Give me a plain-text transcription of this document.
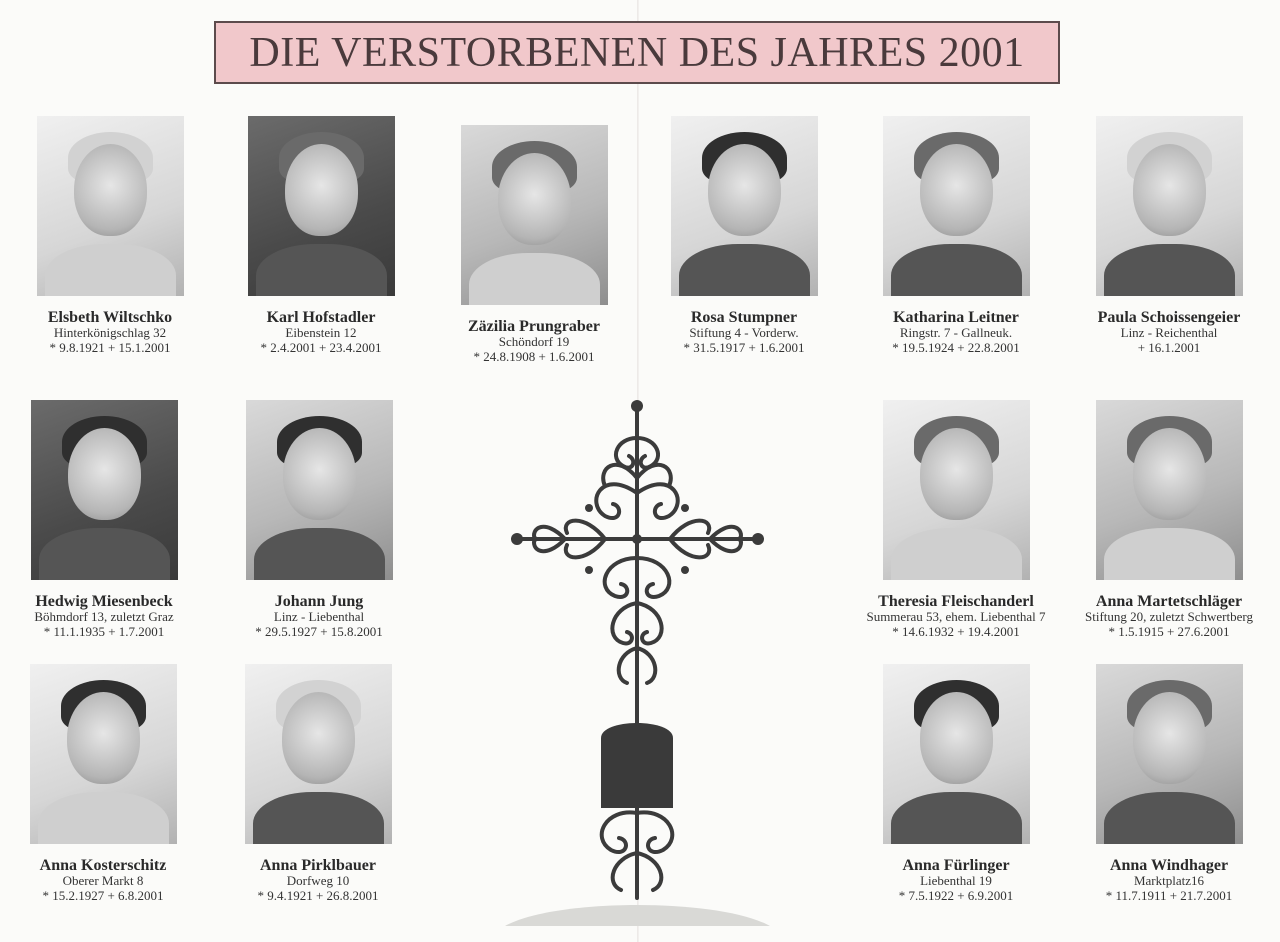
DIE VERSTORBENEN DES JAHRES 2001
Elsbeth Wiltschko
Hinterkönigschlag 32
* 9.8.1921 + 15.1.2001
Karl Hofstadler
Eibenstein 12
* 2.4.2001 + 23.4.2001
Zäzilia Prungraber
Schöndorf 19
* 24.8.1908 + 1.6.2001
Rosa Stumpner
Stiftung 4 - Vorderw.
* 31.5.1917 + 1.6.2001
Katharina Leitner
Ringstr. 7 - Gallneuk.
* 19.5.1924 + 22.8.2001
Paula Schoissengeier
Linz - Reichenthal
+ 16.1.2001
Hedwig Miesenbeck
Böhmdorf 13, zuletzt Graz
* 11.1.1935 + 1.7.2001
Johann Jung
Linz - Liebenthal
* 29.5.1927 + 15.8.2001
Theresia Fleischanderl
Summerau 53, ehem. Liebenthal 7
* 14.6.1932 + 19.4.2001
Anna Martetschläger
Stiftung 20, zuletzt Schwertberg
* 1.5.1915 + 27.6.2001
Anna Kosterschitz
Oberer Markt 8
* 15.2.1927 + 6.8.2001
Anna Pirklbauer
Dorfweg 10
* 9.4.1921 + 26.8.2001
Anna Fürlinger
Liebenthal 19
* 7.5.1922 + 6.9.2001
Anna Windhager
Marktplatz16
* 11.7.1911 + 21.7.2001
